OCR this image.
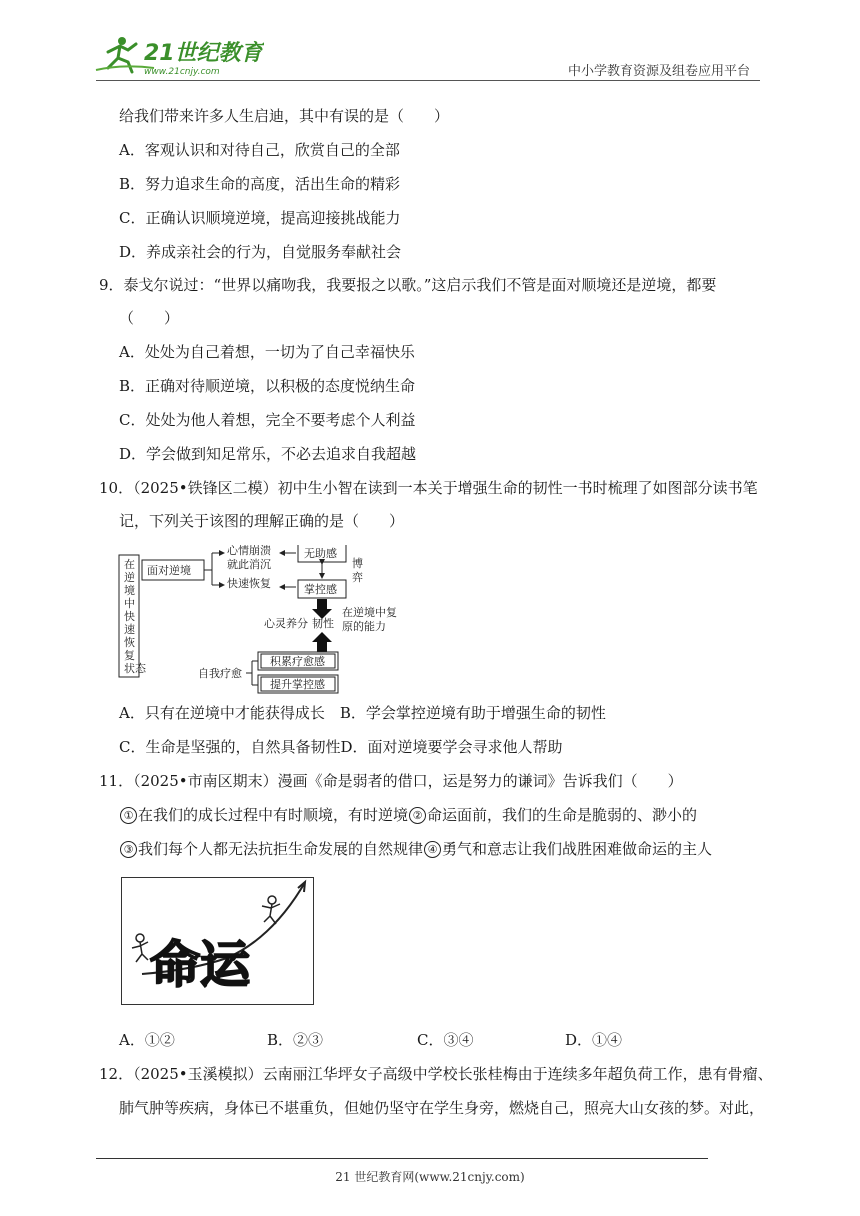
21世纪教育
www.21cnjy.com	中小学教育资源及组卷应用平台
给我们带来许多人生启迪，其中有误的是（　　）
A．客观认识和对待自己，欣赏自己的全部
B．努力追求生命的高度，活出生命的精彩
C．正确认识顺境逆境，提高迎接挑战能力
D．养成亲社会的行为，自觉服务奉献社会
9．泰戈尔说过：“世界以痛吻我，我要报之以歌。”这启示我们不管是面对顺境还是逆境，都要
（　　）
A．处处为自己着想，一切为了自己幸福快乐
B．正确对待顺逆境，以积极的态度悦纳生命
C．处处为他人着想，完全不要考虑个人利益
D．学会做到知足常乐，不必去追求自我超越
10．（2025•铁锋区二模）初中生小智在读到一本关于增强生命的韧性一书时梳理了如图部分读书笔
记，下列关于该图的理解正确的是（　　）
在
逆
境
中
快
速
恢
复
状态
面对逆境
心情崩溃
就此消沉
快速恢复
无助感
掌控感
博
弈
心灵养分 韧性
在逆境中复
原的能力
积累疗愈感
提升掌控感
自我疗愈
A．只有在逆境中才能获得成长　B．学会掌控逆境有助于增强生命的韧性
C．生命是坚强的，自然具备韧性D．面对逆境要学会寻求他人帮助
11．（2025•市南区期末）漫画《命是弱者的借口，运是努力的谦词》告诉我们（　　）
① 在我们的成长过程中有时顺境，有时逆境 ② 命运面前，我们的生命是脆弱的、渺小的
③ 我们每个人都无法抗拒生命发展的自然规律 ④ 勇气和意志让我们战胜困难做命运的主人
命运
A．①②	B．②③	C．③④	D．①④
12．（2025•玉溪模拟）云南丽江华坪女子高级中学校长张桂梅由于连续多年超负荷工作，患有骨瘤、
肺气肿等疾病，身体已不堪重负，但她仍坚守在学生身旁，燃烧自己，照亮大山女孩的梦。对此，
21 世纪教育网(www.21cnjy.com)
